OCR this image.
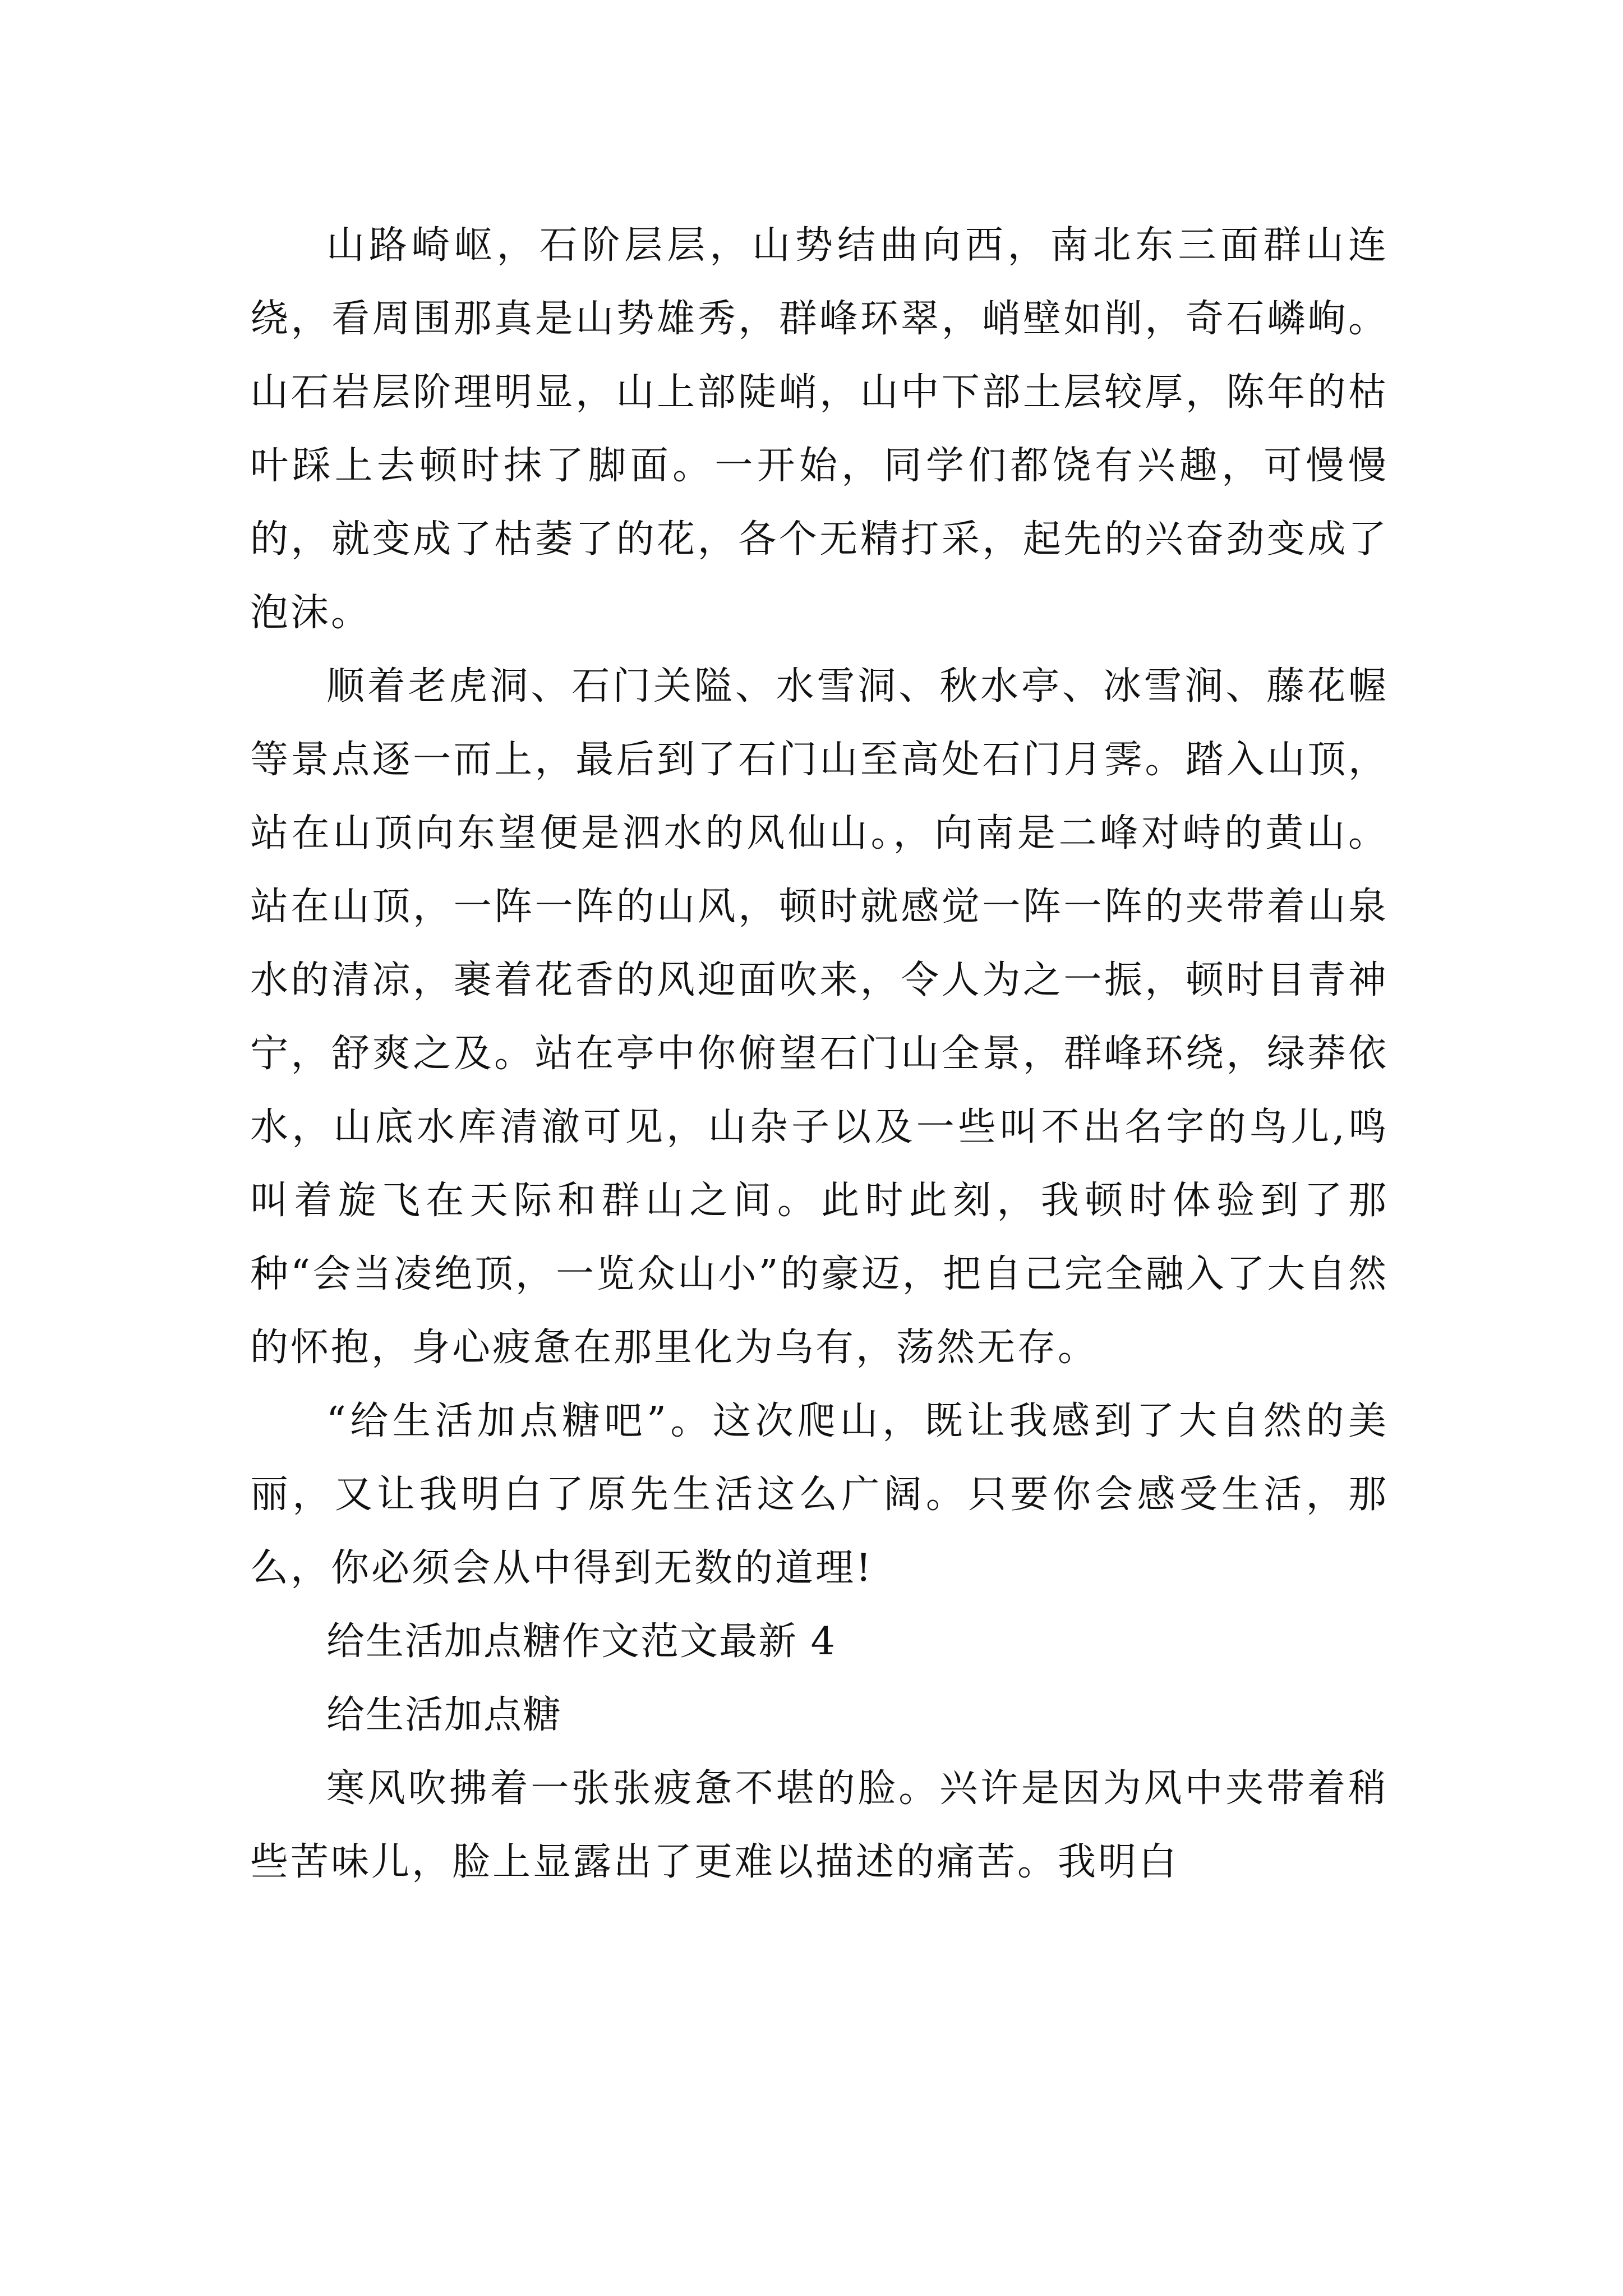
山路崎岖，石阶层层，山势结曲向西，南北东三面群山连绕，看周围那真是山势雄秀，群峰环翠，峭壁如削，奇石嶙峋。山石岩层阶理明显，山上部陡峭，山中下部土层较厚，陈年的枯叶踩上去顿时抹了脚面。一开始，同学们都饶有兴趣，可慢慢的，就变成了枯萎了的花，各个无精打采，起先的兴奋劲变成了泡沫。

顺着老虎洞、石门关隘、水雪洞、秋水亭、冰雪涧、藤花幄等景点逐一而上，最后到了石门山至高处石门月霁。踏入山顶，站在山顶向东望便是泗水的风仙山。，向南是二峰对峙的黄山。站在山顶，一阵一阵的山风，顿时就感觉一阵一阵的夹带着山泉水的清凉，裹着花香的风迎面吹来，令人为之一振，顿时目青神宁，舒爽之及。站在亭中你俯望石门山全景，群峰环绕，绿莽依水，山底水库清澈可见，山杂子以及一些叫不出名字的鸟儿,鸣叫着旋飞在天际和群山之间。此时此刻，我顿时体验到了那种“会当凌绝顶，一览众山小”的豪迈，把自己完全融入了大自然的怀抱，身心疲惫在那里化为乌有，荡然无存。

“给生活加点糖吧”。这次爬山，既让我感到了大自然的美丽，又让我明白了原先生活这么广阔。只要你会感受生活，那么，你必须会从中得到无数的道理!

给生活加点糖作文范文最新 4

给生活加点糖

寒风吹拂着一张张疲惫不堪的脸。兴许是因为风中夹带着稍些苦味儿，脸上显露出了更难以描述的痛苦。我明白
